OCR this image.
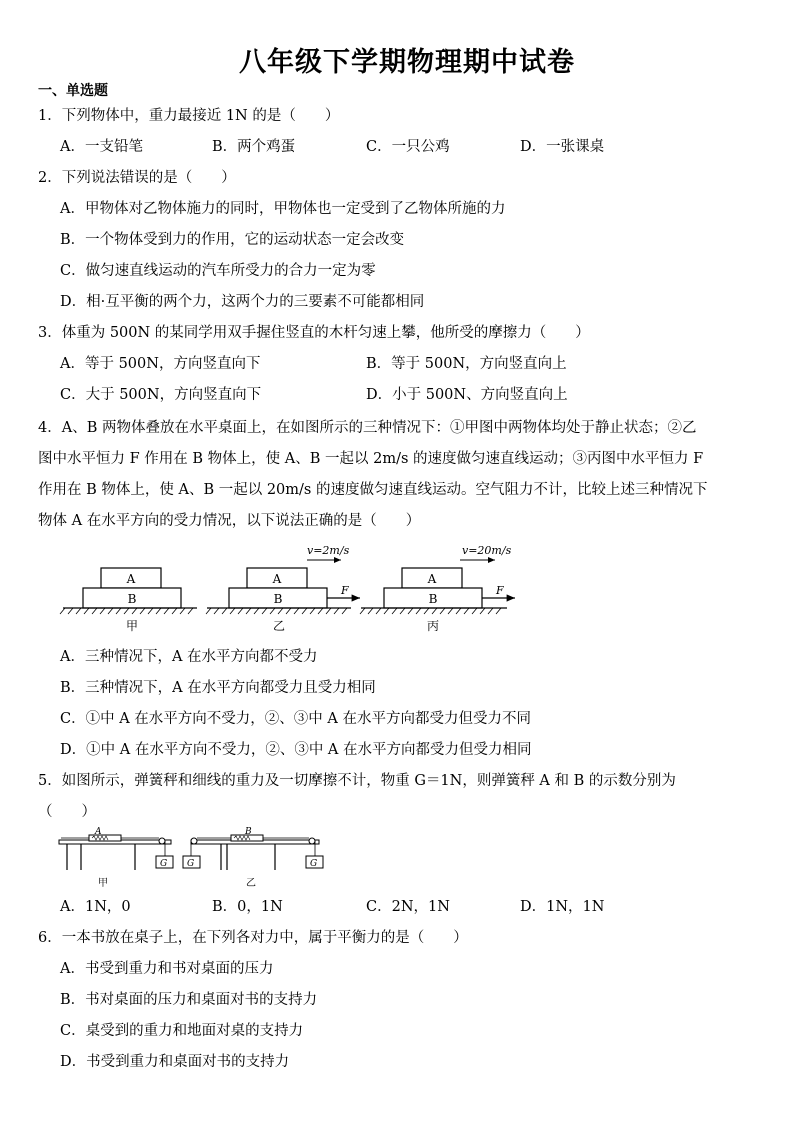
八年级下学期物理期中试卷
一、单选题
1．下列物体中，重力最接近 1N 的是（　　）
A．一支铅笔	B．两个鸡蛋	C．一只公鸡	D．一张课桌
2．下列说法错误的是（　　）
A．甲物体对乙物体施力的同时，甲物体也一定受到了乙物体所施的力
B．一个物体受到力的作用，它的运动状态一定会改变
C．做匀速直线运动的汽车所受力的合力一定为零
D．相·互平衡的两个力，这两个力的三要素不可能都相同
3．体重为 500N 的某同学用双手握住竖直的木杆匀速上攀，他所受的摩擦力（　　）
A．等于 500N，方向竖直向下	B．等于 500N，方向竖直向上
C．大于 500N，方向竖直向下	D．小于 500N、方向竖直向上
4．A、B 两物体叠放在水平桌面上，在如图所示的三种情况下：①甲图中两物体均处于静止状态；②乙
图中水平恒力 F 作用在 B 物体上，使 A、B 一起以 2m/s 的速度做匀速直线运动；③丙图中水平恒力 F
作用在 B 物体上，使 A、B 一起以 20m/s 的速度做匀速直线运动。空气阻力不计，比较上述三种情况下
物体 A 在水平方向的受力情况，以下说法正确的是（　　）
A
B
甲
v=2m/s
A
B
F
乙
v=20m/s
A
B
F
丙
A．三种情况下，A 在水平方向都不受力
B．三种情况下，A 在水平方向都受力且受力相同
C．①中 A 在水平方向不受力，②、③中 A 在水平方向都受力但受力不同
D．①中 A 在水平方向不受力，②、③中 A 在水平方向都受力但受力相同
5．如图所示，弹簧秤和细线的重力及一切摩擦不计，物重 G＝1N，则弹簧秤 A 和 B 的示数分别为
（　　）
A
G
甲
G
B
G
乙
A．1N，0	B．0，1N	C．2N，1N	D．1N，1N
6．一本书放在桌子上，在下列各对力中，属于平衡力的是（　　）
A．书受到重力和书对桌面的压力
B．书对桌面的压力和桌面对书的支持力
C．桌受到的重力和地面对桌的支持力
D．书受到重力和桌面对书的支持力
